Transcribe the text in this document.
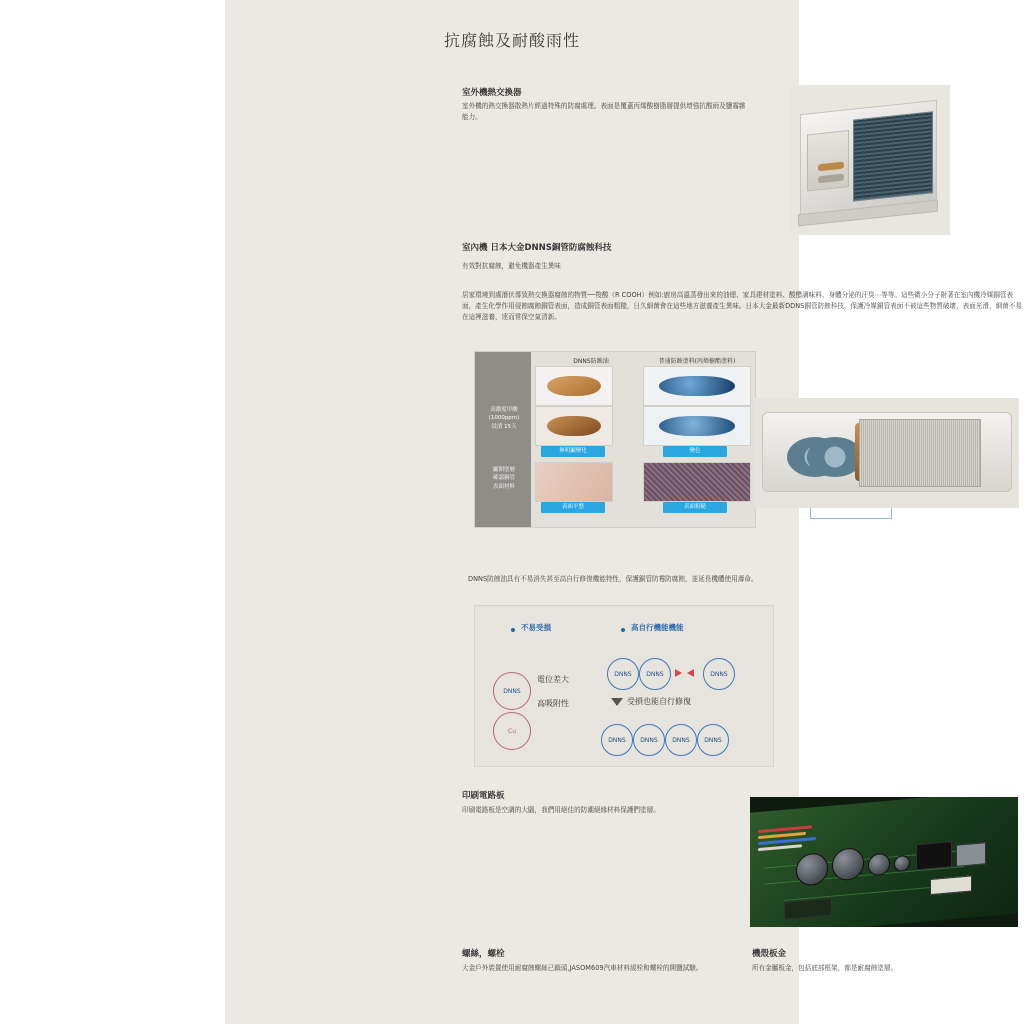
抗腐蝕及耐酸雨性
室外機熱交換器
室外機的熱交換器散熱片經過特殊的防腐處理。表面是覆蓋丙烯酸樹脂層提供增強抗酸雨及鹽霧雜能力。
室內機 日本大金DNNS銅管防腐蝕科技
有效對抗腐蝕，避免機器產生異味
居家環境到處潛伏導致熱交換器腐蝕的物質──羧酸（R COOH）例如:廚房高溫蒸發出來的油煙、家具建材塗料、酸醋調味料、身體分泌的汗臭⋯等等。這些微小分子附著在室內機冷媒銅管表面，產生化學作用侵蝕腐蝕銅管表面，造成銅管表面粗糙，日久細菌會在這些地方滋養產生異味。日本大金最新DDNS銅管防蝕科技，保護冷媒銅管表面不被這些物質破壞，表面光滑，細菌不易在這裡滋養，達而常保空氣清新。
高濃度甲酸
(1000ppm)
浸漬 15天
顯開塗層
確認銅管
表面材料
DNNS防蝕油	普通防蝕塗料(丙烯樹酯塗料)
無明顯變化	變色
表面平整	表面粗糙
DNNS防蝕油具有不易消失甚至高自行修復機能特性，保護銅管防霉防腐蝕，並延長機體使用壽命。
不易受損	高自行機能機能
DNNS
Cu
電位差大
高吸附性
DNNS	DNNS	DNNS
受損也能自行修復
DNNS	DNNS	DNNS	DNNS
印刷電路板
印刷電路板是空調的大腦，我們用絕佳的防潮絕緣材料保護們塗層。
螺絲，螺栓
大金戶外裝置使用耐腐蝕螺絲已鎖頭,JASOM609汽車材料緩栓和螺栓的開鹽試驗。
機殼板金
所有金屬板金，包括底部框架，都是耐腐蝕塗層。
